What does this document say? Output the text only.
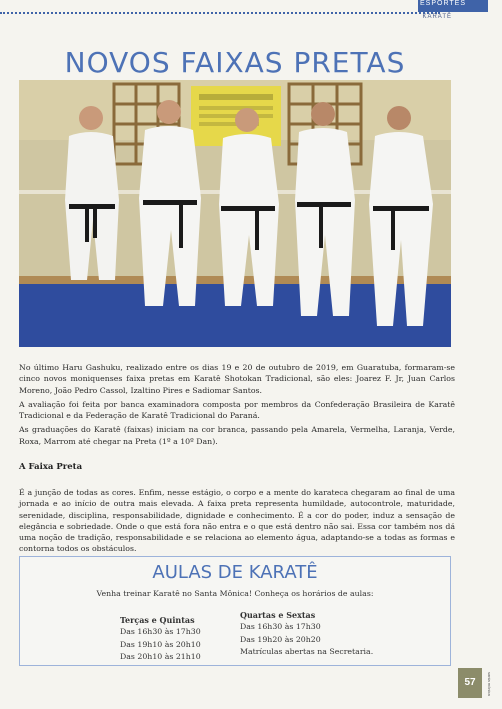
ESPORTES
KARATÊ
NOVOS FAIXAS PRETAS

No último Haru Gashuku, realizado entre os dias 19 e 20 de outubro de 2019, em Guaratuba, formaram-se cinco novos moniquenses faixa pretas em Karatê Shotokan Tradicional, são eles: Joarez F. Jr, Juan Carlos Moreno, João Pedro Cassol, Izaltino Pires e Sadiomar Santos.

A avaliação foi feita por banca examinadora composta por membros da Confederação Brasileira de Karatê Tradicional e da Federação de Karatê Tradicional do Paraná.

As graduações do Karatê (faixas) iniciam na cor branca, passando pela Amarela, Vermelha, Laranja, Verde, Roxa, Marrom até chegar na Preta (1º a 10º Dan).

A Faixa Preta

É a junção de todas as cores. Enfim, nesse estágio, o corpo e a mente do karateca chegaram ao final de uma jornada e ao início de outra mais elevada. A faixa preta representa humildade, autocontrole, maturidade, serenidade, disciplina, responsabilidade, dignidade e conhecimento. É a cor do poder, induz a sensação de elegância e sobriedade. Onde o que está fora não entra e o que está dentro não sai. Essa cor também nos dá uma noção de tradição, responsabilidade e se relaciona ao elemento água, adaptando-se a todas as formas e contorna todos os obstáculos.

AULAS DE KARATÊ
Venha treinar Karatê no Santa Mônica! Conheça os horários de aulas:
Terças e Quintas
Das 16h30 às 17h30
Das 19h10 às 20h10
Das 20h10 às 21h10
Quartas e Sextas
Das 16h30 às 17h30
Das 19h20 às 20h20
Matrículas abertas na Secretaria.
57	santa mônica
